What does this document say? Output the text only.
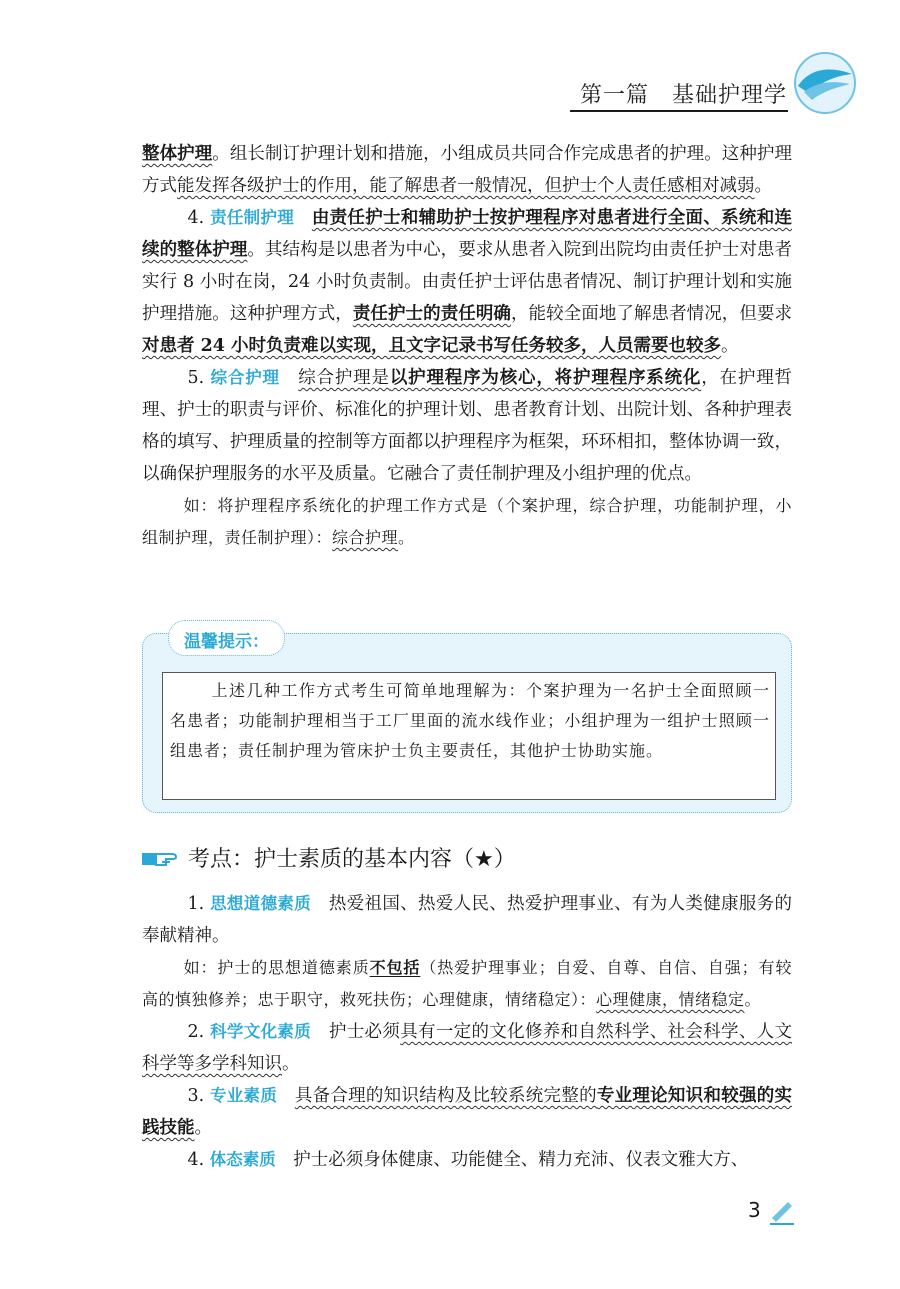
第一篇　基础护理学

整体护理。组长制订护理计划和措施，小组成员共同合作完成患者的护理。这种护理方式能发挥各级护士的作用，能了解患者一般情况，但护士个人责任感相对减弱。

4. 责任制护理　 由责任护士和辅助护士按护理程序对患者进行全面、系统和连续的整体护理。其结构是以患者为中心，要求从患者入院到出院均由责任护士对患者实行 8 小时在岗，24 小时负责制。由责任护士评估患者情况、制订护理计划和实施护理措施。这种护理方式，责任护士的责任明确，能较全面地了解患者情况，但要求对患者 24 小时负责难以实现，且文字记录书写任务较多，人员需要也较多。

5. 综合护理　 综合护理是以护理程序为核心，将护理程序系统化，在护理哲理、护士的职责与评价、标准化的护理计划、患者教育计划、出院计划、各种护理表格的填写、护理质量的控制等方面都以护理程序为框架，环环相扣，整体协调一致，以确保护理服务的水平及质量。它融合了责任制护理及小组护理的优点。

如：将护理程序系统化的护理工作方式是（个案护理，综合护理，功能制护理，小组制护理，责任制护理）：综合护理。

温馨提示：

上述几种工作方式考生可简单地理解为：个案护理为一名护士全面照顾一名患者；功能制护理相当于工厂里面的流水线作业；小组护理为一组护士照顾一组患者；责任制护理为管床护士负主要责任，其他护士协助实施。

考点：护士素质的基本内容（★）

1. 思想道德素质　 热爱祖国、热爱人民、热爱护理事业、有为人类健康服务的奉献精神。

如：护士的思想道德素质不包括（热爱护理事业；自爱、自尊、自信、自强；有较高的慎独修养；忠于职守，救死扶伤；心理健康，情绪稳定）：心理健康，情绪稳定。

2. 科学文化素质　 护士必须具有一定的文化修养和自然科学、社会科学、人文科学等多学科知识。

3. 专业素质　 具备合理的知识结构及比较系统完整的专业理论知识和较强的实践技能。

4. 体态素质　 护士必须身体健康、功能健全、精力充沛、仪表文雅大方、

3
